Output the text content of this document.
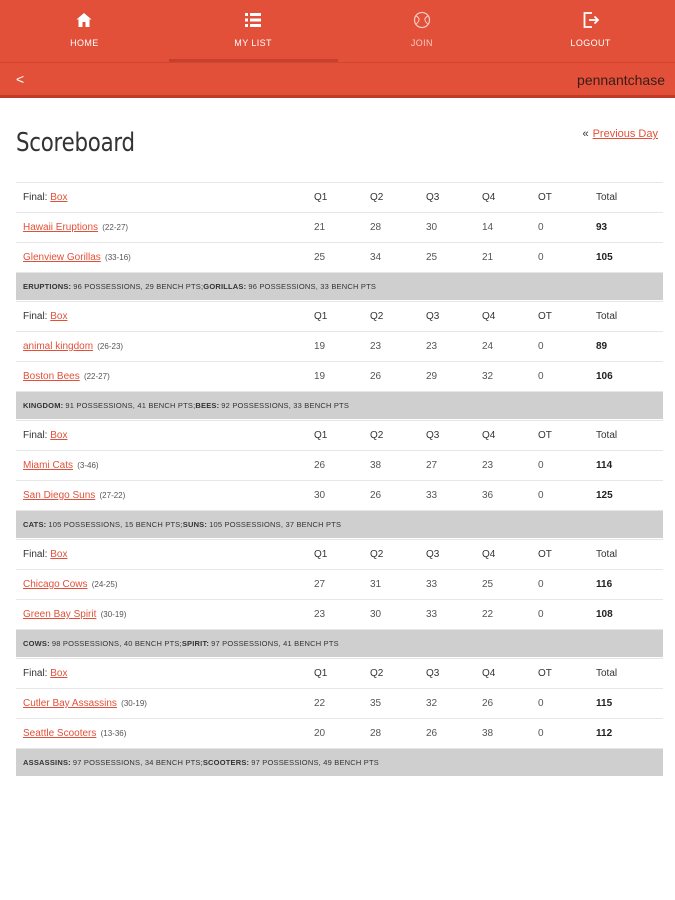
HOME	MY LIST	JOIN	LOGOUT
<	pennantchase
Scoreboard	« Previous Day
Final: Box	Q1	Q2	Q3	Q4	OT	Total
Hawaii Eruptions (22-27)	21	28	30	14	0	93
Glenview Gorillas (33-16)	25	34	25	21	0	105
ERUPTIONS: 96 POSSESSIONS, 29 BENCH PTS; GORILLAS: 96 POSSESSIONS, 33 BENCH PTS
Final: Box	Q1	Q2	Q3	Q4	OT	Total
animal kingdom (26-23)	19	23	23	24	0	89
Boston Bees (22-27)	19	26	29	32	0	106
KINGDOM: 91 POSSESSIONS, 41 BENCH PTS; BEES: 92 POSSESSIONS, 33 BENCH PTS
Final: Box	Q1	Q2	Q3	Q4	OT	Total
Miami Cats (3-46)	26	38	27	23	0	114
San Diego Suns (27-22)	30	26	33	36	0	125
CATS: 105 POSSESSIONS, 15 BENCH PTS; SUNS: 105 POSSESSIONS, 37 BENCH PTS
Final: Box	Q1	Q2	Q3	Q4	OT	Total
Chicago Cows (24-25)	27	31	33	25	0	116
Green Bay Spirit (30-19)	23	30	33	22	0	108
COWS: 98 POSSESSIONS, 40 BENCH PTS; SPIRIT: 97 POSSESSIONS, 41 BENCH PTS
Final: Box	Q1	Q2	Q3	Q4	OT	Total
Cutler Bay Assassins (30-19)	22	35	32	26	0	115
Seattle Scooters (13-36)	20	28	26	38	0	112
ASSASSINS: 97 POSSESSIONS, 34 BENCH PTS; SCOOTERS: 97 POSSESSIONS, 49 BENCH PTS
